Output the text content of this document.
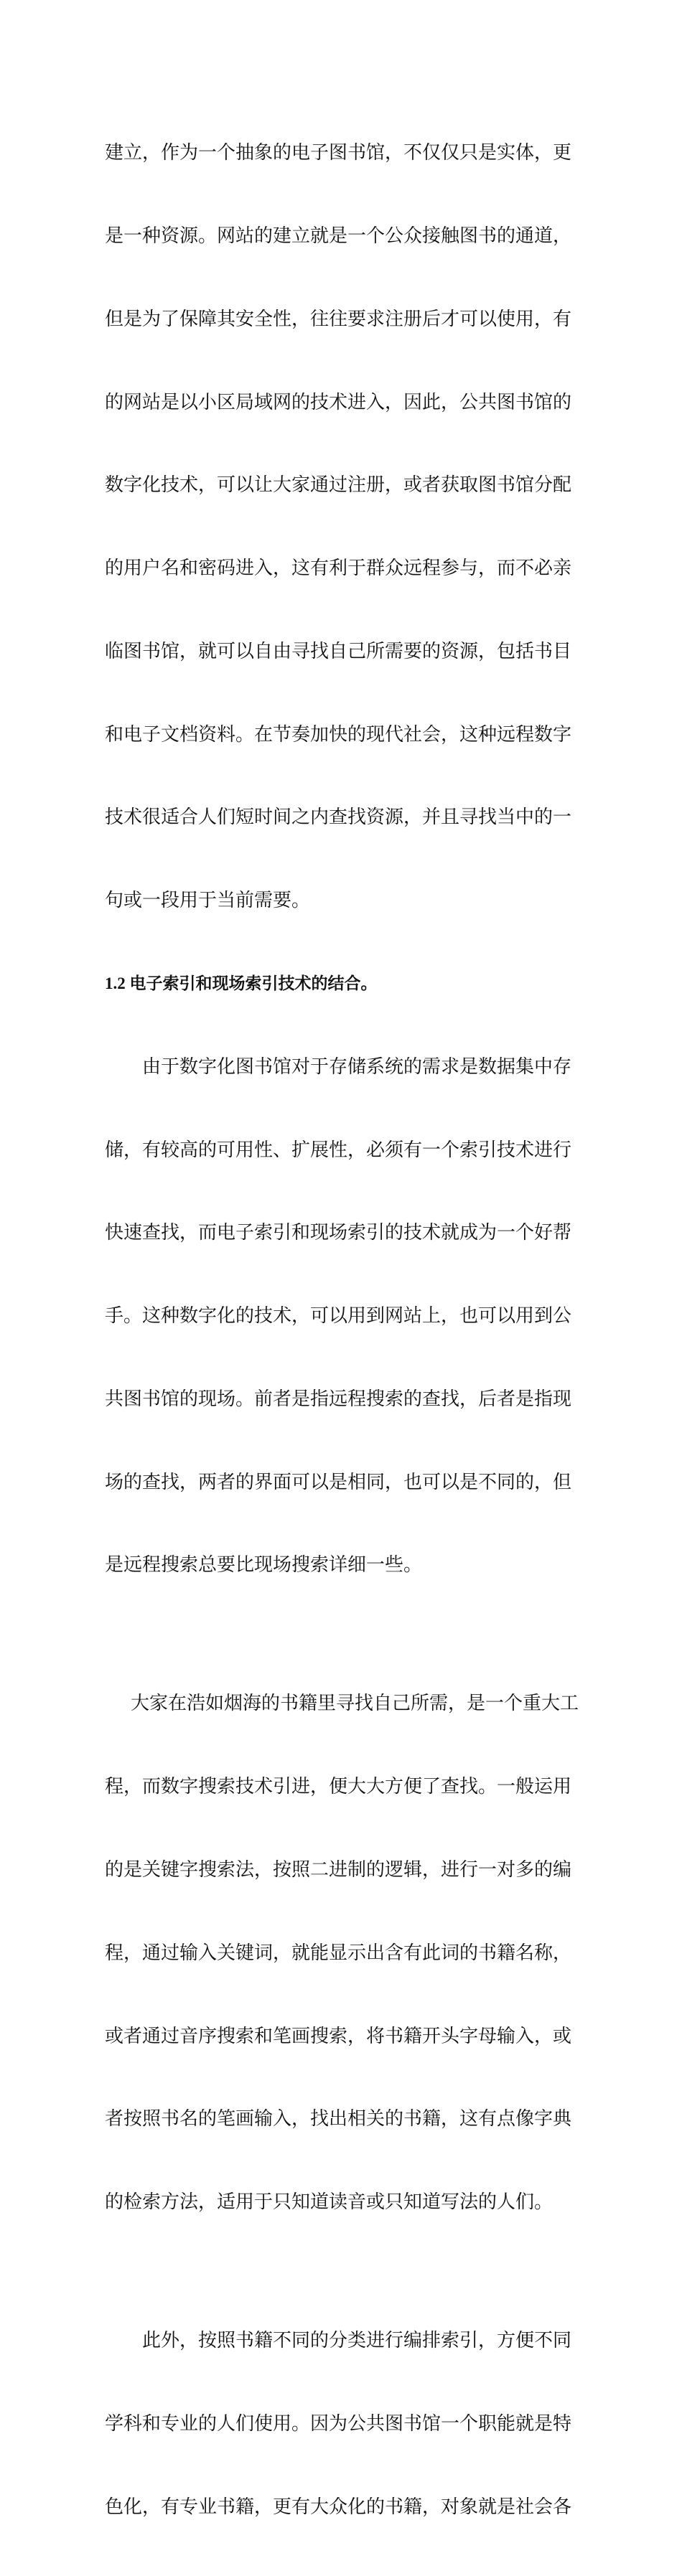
建立，作为一个抽象的电子图书馆，不仅仅只是实体，更

是一种资源。网站的建立就是一个公众接触图书的通道，

但是为了保障其安全性，往往要求注册后才可以使用，有

的网站是以小区局域网的技术进入，因此，公共图书馆的

数字化技术，可以让大家通过注册，或者获取图书馆分配

的用户名和密码进入，这有利于群众远程参与，而不必亲

临图书馆，就可以自由寻找自己所需要的资源，包括书目

和电子文档资料。在节奏加快的现代社会，这种远程数字

技术很适合人们短时间之内查找资源，并且寻找当中的一

句或一段用于当前需要。

1.2 电子索引和现场索引技术的结合。

由于数字化图书馆对于存储系统的需求是数据集中存

储，有较高的可用性、扩展性，必须有一个索引技术进行

快速查找，而电子索引和现场索引的技术就成为一个好帮

手。这种数字化的技术，可以用到网站上，也可以用到公

共图书馆的现场。前者是指远程搜索的查找，后者是指现

场的查找，两者的界面可以是相同，也可以是不同的，但

是远程搜索总要比现场搜索详细一些。

大家在浩如烟海的书籍里寻找自己所需，是一个重大工

程，而数字搜索技术引进，便大大方便了查找。一般运用

的是关键字搜索法，按照二进制的逻辑，进行一对多的编

程，通过输入关键词，就能显示出含有此词的书籍名称，

或者通过音序搜索和笔画搜索，将书籍开头字母输入，或

者按照书名的笔画输入，找出相关的书籍，这有点像字典

的检索方法，适用于只知道读音或只知道写法的人们。

此外，按照书籍不同的分类进行编排索引，方便不同

学科和专业的人们使用。因为公共图书馆一个职能就是特

色化，有专业书籍，更有大众化的书籍，对象就是社会各
